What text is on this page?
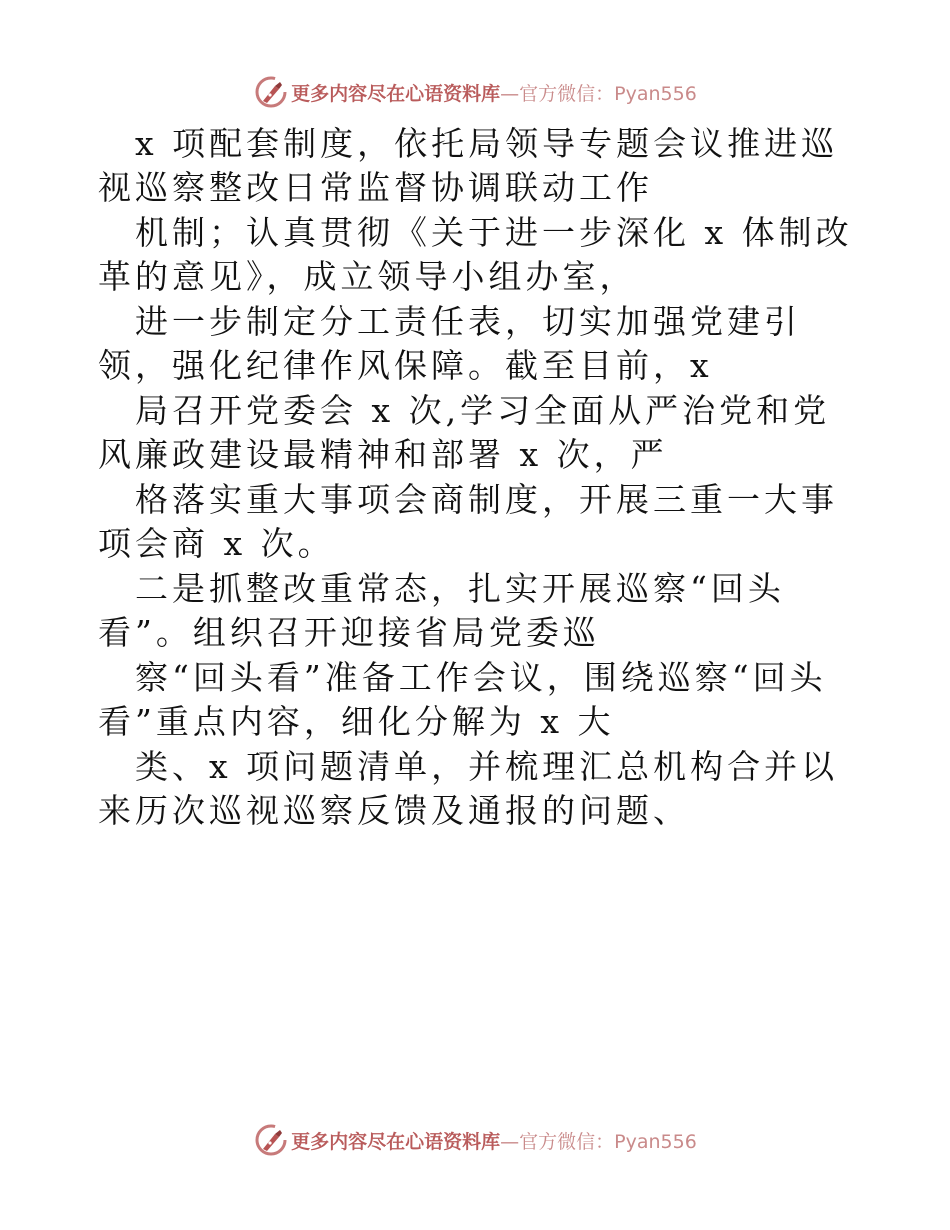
更多内容尽在心语资料库—官方微信：Pyan556

x 项配套制度，依托局领导专题会议推进巡视巡察整改日常监督协调联动工作

机制；认真贯彻《关于进一步深化 x 体制改革的意见》，成立领导小组办室，

进一步制定分工责任表，切实加强党建引领，强化纪律作风保障。截至目前，x

局召开党委会 x 次,学习全面从严治党和党风廉政建设最精神和部署 x 次，严

格落实重大事项会商制度，开展三重一大事项会商 x 次。

二是抓整改重常态，扎实开展巡察“回头看”。组织召开迎接省局党委巡

察“回头看”准备工作会议，围绕巡察“回头看”重点内容，细化分解为 x 大

类、x 项问题清单，并梳理汇总机构合并以来历次巡视巡察反馈及通报的问题、

更多内容尽在心语资料库—官方微信：Pyan556
